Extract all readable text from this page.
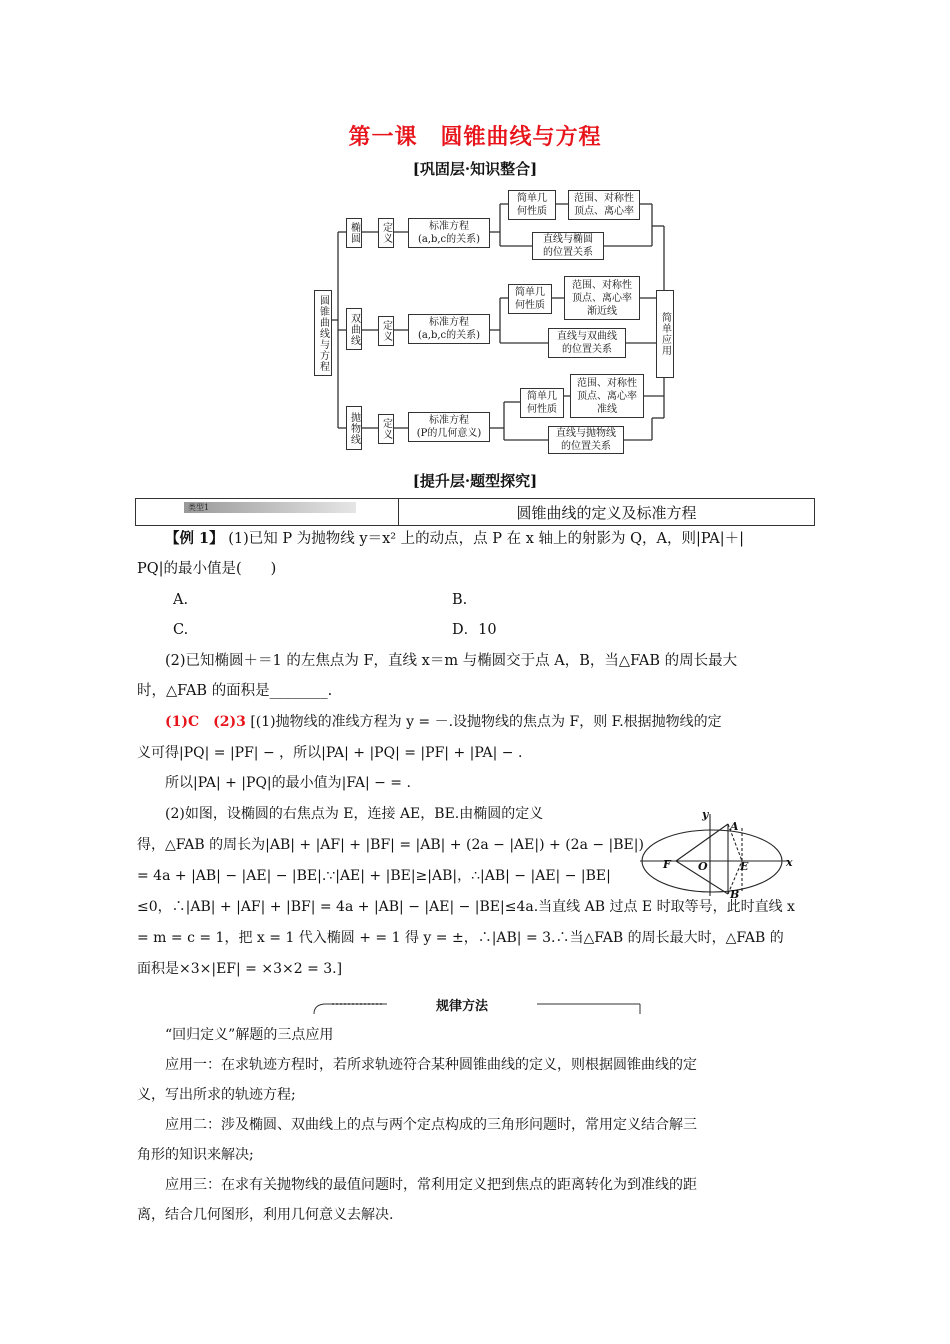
第一课　圆锥曲线与方程
[巩固层·知识整合]
圆锥曲线与方程	简单应用
椭圆 定义	标准方程
(a,b,c的关系)
简单几何性质
范围、对称性
顶点、离心率
直线与椭圆
的位置关系
双曲线 定义	标准方程
(a,b,c的关系)
简单几何性质
范围、对称性
顶点、离心率
渐近线
直线与双曲线
的位置关系
抛物线 定义	标准方程
(P的几何意义)
简单几何性质
范围、对称性
顶点、离心率
准线
直线与抛物线
的位置关系
[提升层·题型探究]
类型1	圆锥曲线的定义及标准方程
【例 1】 (1)已知 P 为抛物线 y＝x² 上的动点，点 P 在 x 轴上的射影为 Q，A，则|PA|＋|
PQ|的最小值是(　　)
A.	B.
C.	D．10
(2)已知椭圆＋＝1 的左焦点为 F，直线 x＝m 与椭圆交于点 A，B，当△FAB 的周长最大
时，△FAB 的面积是________.
(1)C　(2)3 [(1)抛物线的准线方程为 y = －.设抛物线的焦点为 F，则 F.根据抛物线的定
义可得|PQ| = |PF| − ，所以|PA| + |PQ| = |PF| + |PA| − .
所以|PA| + |PQ|的最小值为|FA| − = .
(2)如图，设椭圆的右焦点为 E，连接 AE，BE.由椭圆的定义
得，△FAB 的周长为|AB| + |AF| + |BF| = |AB| + (2a − |AE|) + (2a − |BE|)
= 4a + |AB| − |AE| − |BE|.∵|AE| + |BE|≥|AB|，∴|AB| − |AE| − |BE|
≤0，∴|AB| + |AF| + |BF| = 4a + |AB| − |AE| − |BE|≤4a.当直线 AB 过点 E 时取等号，此时直线 x
= m = c = 1，把 x = 1 代入椭圆 + = 1 得 y = ±，∴|AB| = 3.∴当△FAB 的周长最大时，△FAB 的
面积是×3×|EF| = ×3×2 = 3.]
y
x
A
B
F O	E
规律方法
“回归定义”解题的三点应用
应用一：在求轨迹方程时，若所求轨迹符合某种圆锥曲线的定义，则根据圆锥曲线的定
义，写出所求的轨迹方程;
应用二：涉及椭圆、双曲线上的点与两个定点构成的三角形问题时，常用定义结合解三
角形的知识来解决;
应用三：在求有关抛物线的最值问题时，常利用定义把到焦点的距离转化为到准线的距
离，结合几何图形，利用几何意义去解决.
